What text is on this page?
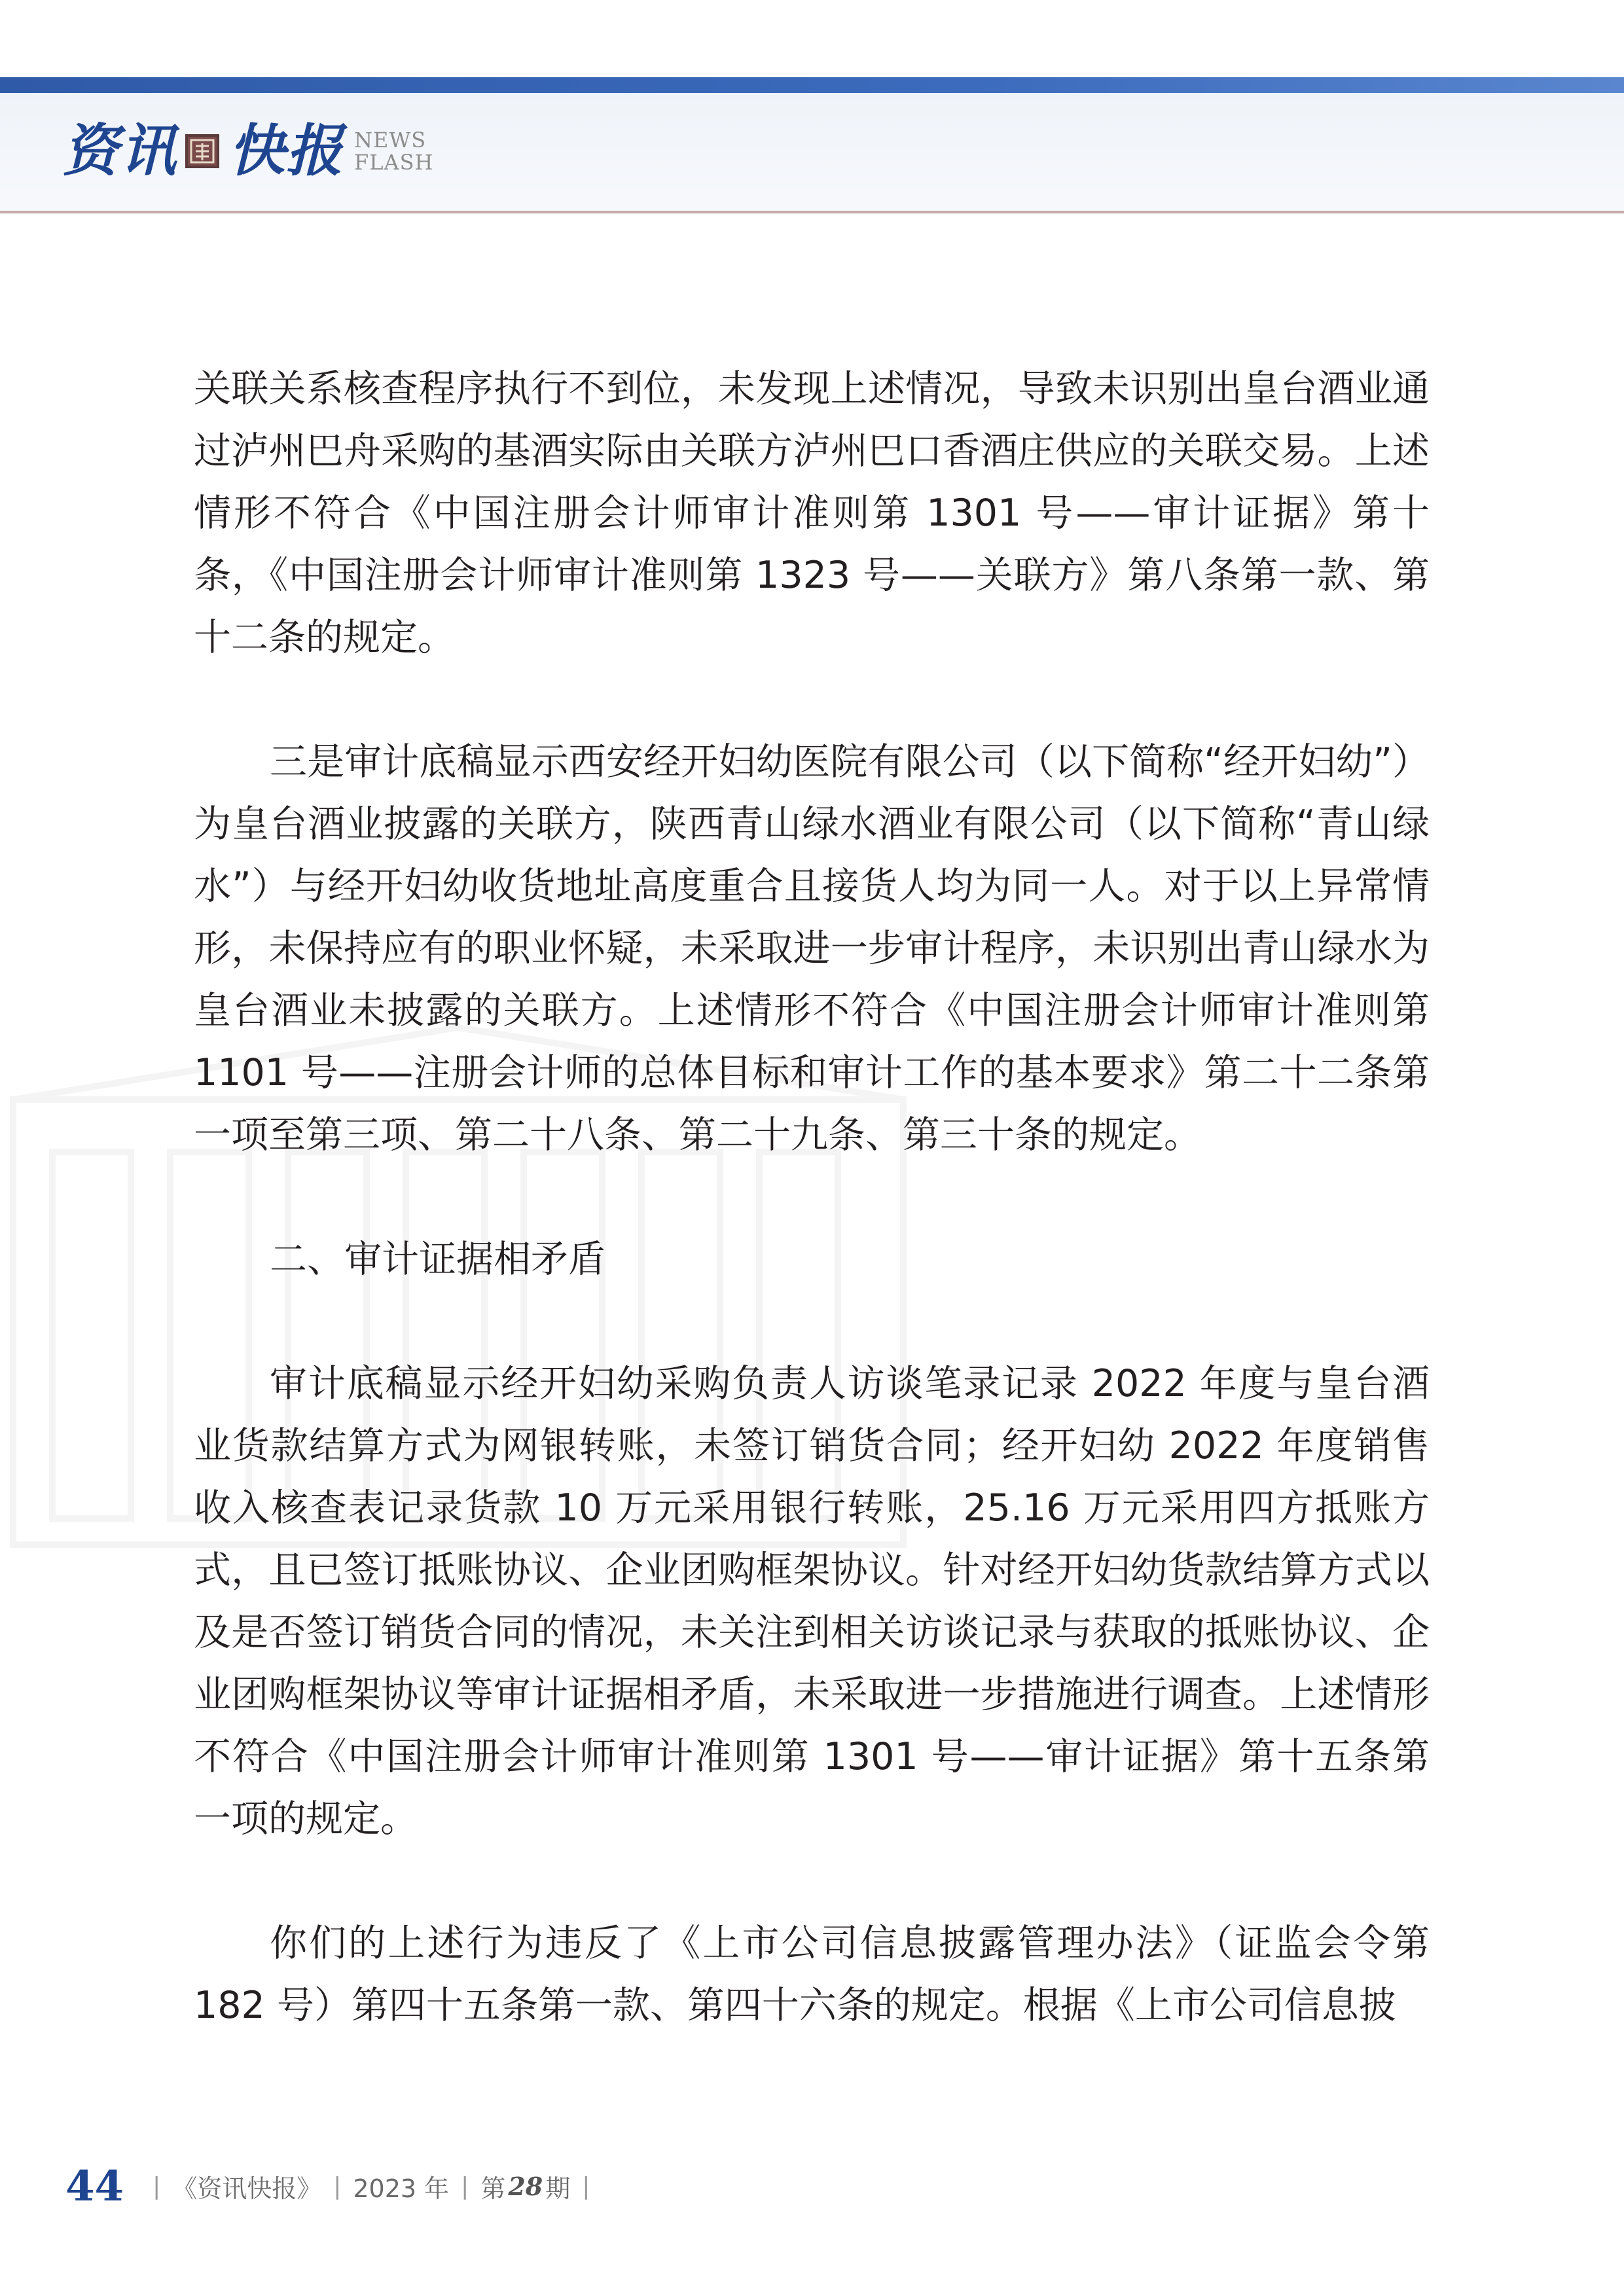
资讯 快报 NEWS
FLASH

关联关系核查程序执行不到位，未发现上述情况，导致未识别出皇台酒业通过泸州巴舟采购的基酒实际由关联方泸州巴口香酒庄供应的关联交易。上述情形不符合《中国注册会计师审计准则第 1301 号——审计证据》第十条，《中国注册会计师审计准则第 1323 号——关联方》第八条第一款、第十二条的规定。

三是审计底稿显示西安经开妇幼医院有限公司（以下简称“经开妇幼”）为皇台酒业披露的关联方，陕西青山绿水酒业有限公司（以下简称“青山绿水”）与经开妇幼收货地址高度重合且接货人均为同一人。对于以上异常情形，未保持应有的职业怀疑，未采取进一步审计程序，未识别出青山绿水为皇台酒业未披露的关联方。上述情形不符合《中国注册会计师审计准则第 1101 号——注册会计师的总体目标和审计工作的基本要求》第二十二条第一项至第三项、第二十八条、第二十九条、第三十条的规定。

二、审计证据相矛盾

审计底稿显示经开妇幼采购负责人访谈笔录记录 2022 年度与皇台酒业货款结算方式为网银转账，未签订销货合同；经开妇幼 2022 年度销售收入核查表记录货款 10 万元采用银行转账，25.16 万元采用四方抵账方式，且已签订抵账协议、企业团购框架协议。针对经开妇幼货款结算方式以及是否签订销货合同的情况，未关注到相关访谈记录与获取的抵账协议、企业团购框架协议等审计证据相矛盾，未采取进一步措施进行调查。上述情形不符合《中国注册会计师审计准则第 1301 号——审计证据》第十五条第一项的规定。

你们的上述行为违反了《上市公司信息披露管理办法》（证监会令第 182 号）第四十五条第一款、第四十六条的规定。根据《上市公司信息披

44 | 《资讯快报》 | 2023 年 | 第 28 期 |
